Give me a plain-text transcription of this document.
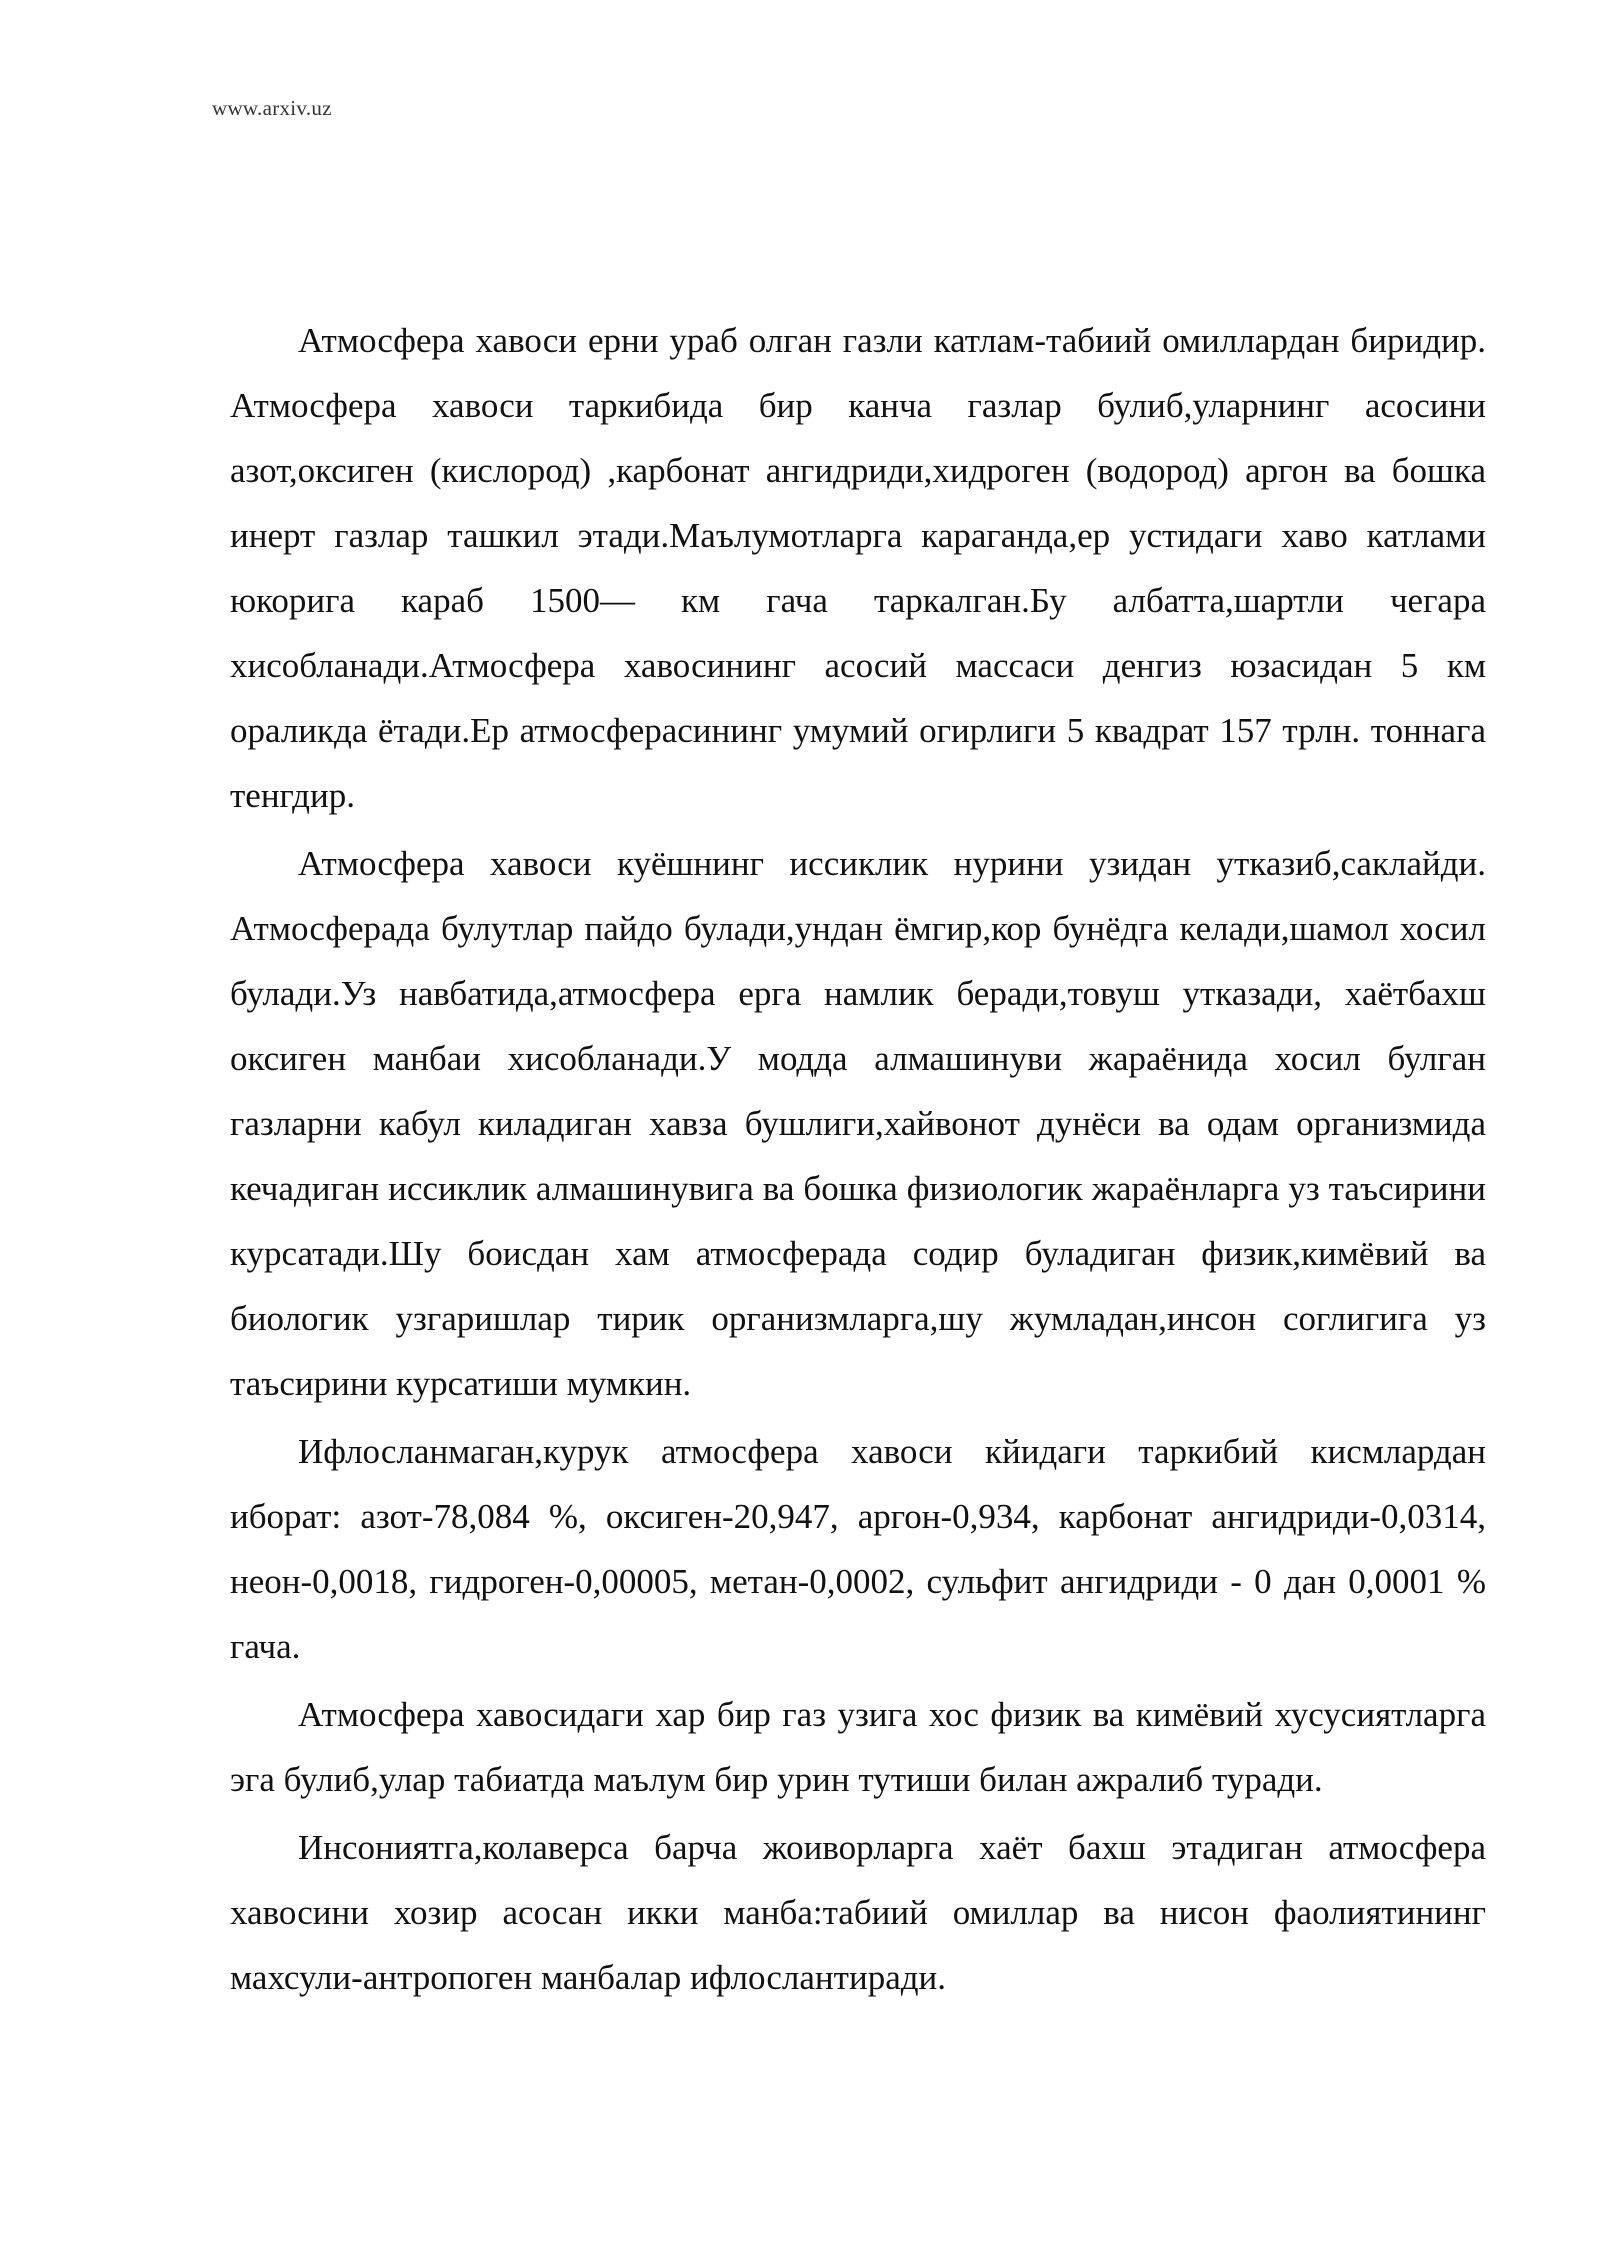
www.arxiv.uz

Атмосфера хавоси ерни ураб олган газли катлам-табиий омиллардан биридир. Атмосфера хавоси таркибида бир канча газлар булиб,уларнинг асосини азот,оксиген (кислород) ,карбонат ангидриди,хидроген (водород) аргон ва бошка инерт газлар ташкил этади.Маълумотларга караганда,ер устидаги хаво катлами юкорига караб 1500— км гача таркалган.Бу албатта,шартли чегара хисобланади.Атмосфера хавосининг асосий массаси денгиз юзасидан 5 км ораликда ётади.Ер атмосферасининг умумий огирлиги 5 квадрат 157 трлн. тоннага тенгдир.

Атмосфера хавоси куёшнинг иссиклик нурини узидан утказиб,саклайди. Атмосферада булутлар пайдо булади,ундан ёмгир,кор бунёдга келади,шамол хосил булади.Уз навбатида,атмосфера ерга намлик беради,товуш утказади, хаётбахш оксиген манбаи хисобланади.У модда алмашинуви жараёнида хосил булган газларни кабул киладиган хавза бушлиги,хайвонот дунёси ва одам организмида кечадиган иссиклик алмашинувига ва бошка физиологик жараёнларга уз таъсирини курсатади.Шу боисдан хам атмосферада содир буладиган физик,кимёвий ва биологик узгаришлар тирик организмларга,шу жумладан,инсон соглигига уз таъсирини курсатиши мумкин.

Ифлосланмаган,курук атмосфера хавоси кйидаги таркибий кисмлардан иборат: азот-78,084 %, оксиген-20,947, аргон-0,934, карбонат ангидриди-0,0314, неон-0,0018, гидроген-0,00005, метан-0,0002, сульфит ангидриди - 0 дан 0,0001 % гача.

Атмосфера хавосидаги хар бир газ узига хос физик ва кимёвий хусусиятларга эга булиб,улар табиатда маълум бир урин тутиши билан ажралиб туради.

Инсониятга,колаверса барча жоиворларга хаёт бахш этадиган атмосфера хавосини хозир асосан икки манба:табиий омиллар ва нисон фаолиятининг махсули-антропоген манбалар ифлослантиради.
